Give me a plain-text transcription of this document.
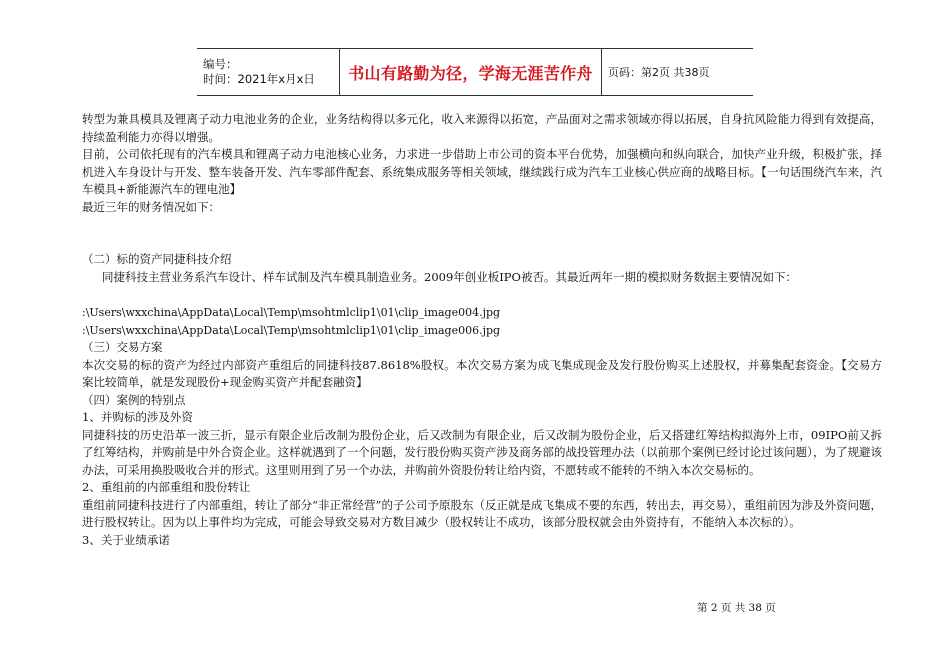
编号：
时间：2021年x月x日	书山有路勤为径，学海无涯苦作舟 页码：第2页 共38页

转型为兼具模具及锂离子动力电池业务的企业，业务结构得以多元化，收入来源得以拓宽，产品面对之需求领域亦得以拓展，自身抗风险能力得到有效提高，持续盈利能力亦得以增强。

目前，公司依托现有的汽车模具和锂离子动力电池核心业务，力求进一步借助上市公司的资本平台优势，加强横向和纵向联合，加快产业升级，积极扩张，择机进入车身设计与开发、整车装备开发、汽车零部件配套、系统集成服务等相关领域，继续践行成为汽车工业核心供应商的战略目标。【一句话围绕汽车来，汽车模具+新能源汽车的锂电池】

最近三年的财务情况如下：

（二）标的资产同捷科技介绍

同捷科技主营业务系汽车设计、样车试制及汽车模具制造业务。2009年创业板IPO被否。其最近两年一期的模拟财务数据主要情况如下：

:\Users\wxxchina\AppData\Local\Temp\msohtmlclip1\01\clip_image004.jpg

:\Users\wxxchina\AppData\Local\Temp\msohtmlclip1\01\clip_image006.jpg

（三）交易方案

本次交易的标的资产为经过内部资产重组后的同捷科技87.8618%股权。本次交易方案为成飞集成现金及发行股份购买上述股权，并募集配套资金。【交易方案比较简单，就是发现股份+现金购买资产并配套融资】

（四）案例的特别点

1、并购标的涉及外资

同捷科技的历史沿革一波三折，显示有限企业后改制为股份企业，后又改制为有限企业，后又改制为股份企业，后又搭建红筹结构拟海外上市，09IPO前又拆了红筹结构，并购前是中外合资企业。这样就遇到了一个问题，发行股份购买资产涉及商务部的战投管理办法（以前那个案例已经讨论过该问题），为了规避该办法，可采用换股吸收合并的形式。这里则用到了另一个办法，并购前外资股份转让给内资，不愿转或不能转的不纳入本次交易标的。

2、重组前的内部重组和股份转让

重组前同捷科技进行了内部重组，转让了部分“非正常经营”的子公司予原股东（反正就是成飞集成不要的东西，转出去，再交易），重组前因为涉及外资问题，进行股权转让。因为以上事件均为完成，可能会导致交易对方数目减少（股权转让不成功，该部分股权就会由外资持有，不能纳入本次标的）。

3、关于业绩承诺

第 2 页 共 38 页
